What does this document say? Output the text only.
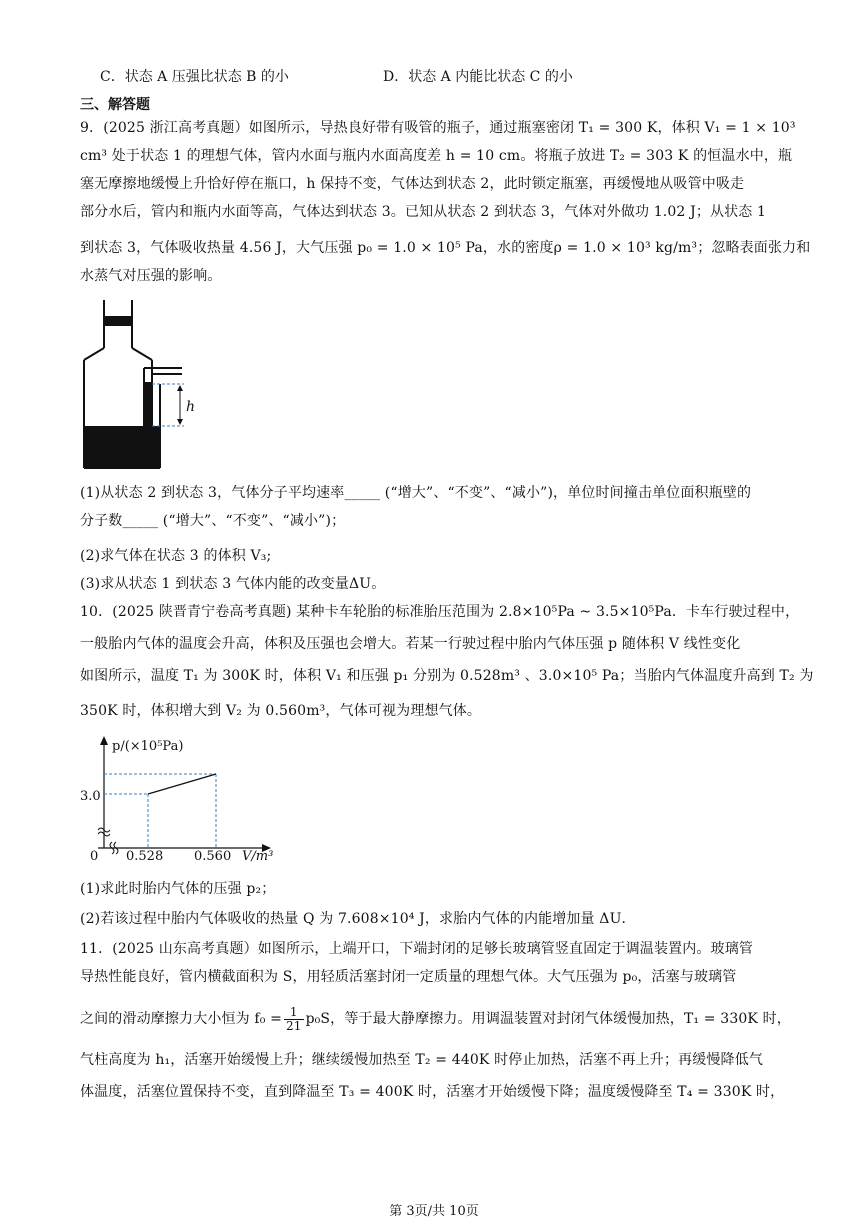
C．状态 A 压强比状态 B 的小	D．状态 A 内能比状态 C 的小
三、解答题
9．(2025 浙江高考真题）如图所示，导热良好带有吸管的瓶子，通过瓶塞密闭 T₁ = 300 K，体积 V₁ = 1 × 10³
cm³ 处于状态 1 的理想气体，管内水面与瓶内水面高度差 h = 10 cm。将瓶子放进 T₂ = 303 K 的恒温水中，瓶
塞无摩擦地缓慢上升恰好停在瓶口，h 保持不变，气体达到状态 2，此时锁定瓶塞，再缓慢地从吸管中吸走
部分水后，管内和瓶内水面等高，气体达到状态 3。已知从状态 2 到状态 3，气体对外做功 1.02 J；从状态 1
到状态 3，气体吸收热量 4.56 J，大气压强 p₀ = 1.0 × 10⁵ Pa，水的密度ρ = 1.0 × 10³ kg/m³；忽略表面张力和
水蒸气对压强的影响。
h
(1)从状态 2 到状态 3，气体分子平均速率_____ (“增大”、“不变”、“减小”)，单位时间撞击单位面积瓶壁的
分子数_____ (“增大”、“不变”、“减小”)；
(2)求气体在状态 3 的体积 V₃;
(3)求从状态 1 到状态 3 气体内能的改变量ΔU。
10．(2025 陕晋青宁卷高考真题) 某种卡车轮胎的标准胎压范围为 2.8×10⁵Pa ~ 3.5×10⁵Pa．卡车行驶过程中，
一般胎内气体的温度会升高，体积及压强也会增大。若某一行驶过程中胎内气体压强 p 随体积 V 线性变化
如图所示，温度 T₁ 为 300K 时，体积 V₁ 和压强 p₁ 分别为 0.528m³ 、3.0×10⁵ Pa；当胎内气体温度升高到 T₂ 为
350K 时，体积增大到 V₂ 为 0.560m³，气体可视为理想气体。
p/(×10⁵Pa)
V/m³
0
3.0
0.528 0.560
(1)求此时胎内气体的压强 p₂；
(2)若该过程中胎内气体吸收的热量 Q 为 7.608×10⁴ J，求胎内气体的内能增加量 ΔU．
11．(2025 山东高考真题）如图所示，上端开口，下端封闭的足够长玻璃管竖直固定于调温装置内。玻璃管
导热性能良好，管内横截面积为 S，用轻质活塞封闭一定质量的理想气体。大气压强为 p₀，活塞与玻璃管
之间的滑动摩擦力大小恒为 $f_0 = \frac{1}{21} p_0S$，等于最大静摩擦力。用调温装置对封闭气体缓慢加热，T₁ = 330K 时，
气柱高度为 h₁，活塞开始缓慢上升；继续缓慢加热至 T₂ = 440K 时停止加热，活塞不再上升；再缓慢降低气
体温度，活塞位置保持不变，直到降温至 T₃ = 400K 时，活塞才开始缓慢下降；温度缓慢降至 T₄ = 330K 时，
第 3页/共 10页
